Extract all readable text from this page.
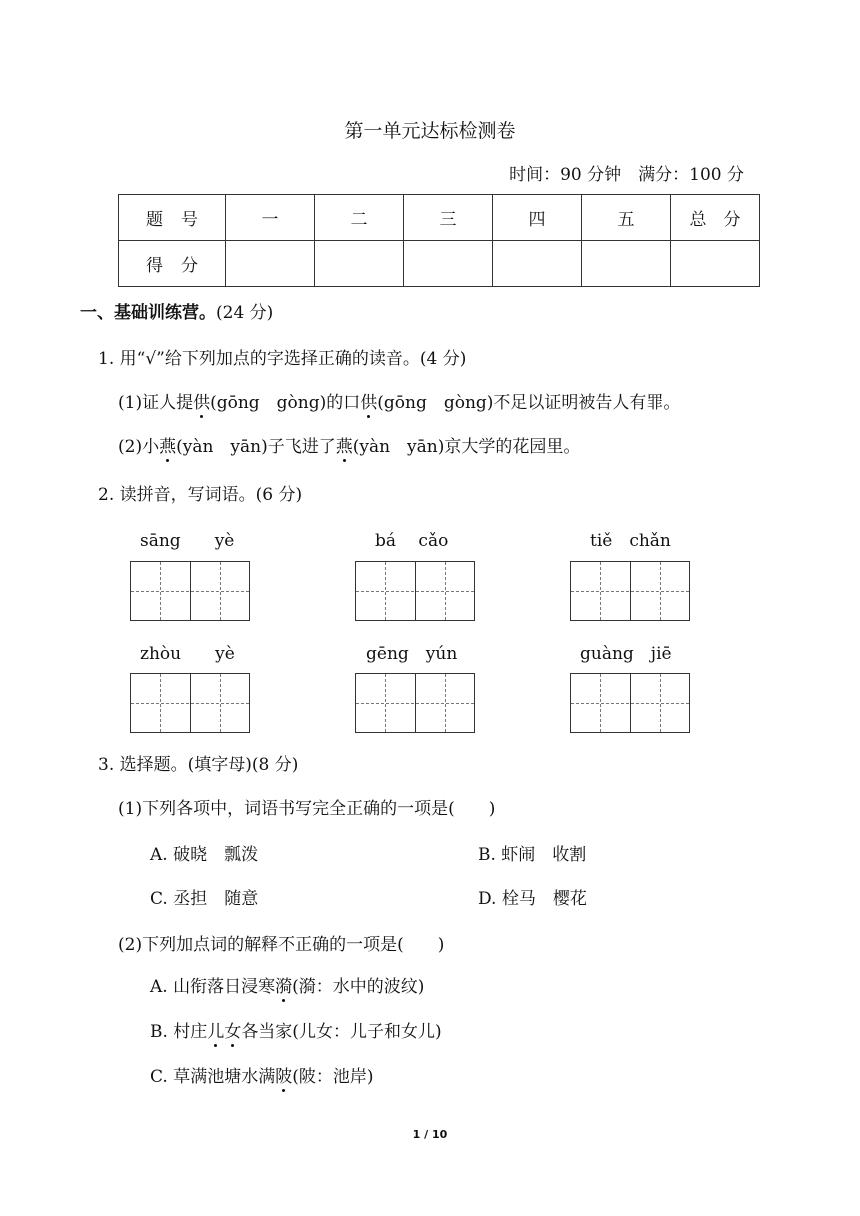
第一单元达标检测卷
时间：90 分钟　满分：100 分
题号	一	二	三	四	五	总　分
得分						
一、基础训练营。(24 分)
1. 用“√”给下列加点的字选择正确的读音。(4 分)
(1)证人提供(gōng　gòng)的口供(gōng　gòng)不足以证明被告人有罪。
(2)小燕(yàn　yān)子飞进了燕(yàn　yān)京大学的花园里。
2. 读拼音，写词语。(6 分)
sāng　　yè	bá　 cǎo	tiě　chǎn
zhòu　　yè	gēng　yún	guàng　jiē
3. 选择题。(填字母)(8 分)
(1)下列各项中，词语书写完全正确的一项是(　　)
A. 破晓　瓢泼	B. 虾闹　收割
C. 丞担　随意	D. 栓马　樱花
(2)下列加点词的解释不正确的一项是(　　)
A. 山衔落日浸寒漪(漪：水中的波纹)
B. 村庄儿女各当家(儿女：儿子和女儿)
C. 草满池塘水满陂(陂：池岸)
1 / 10
